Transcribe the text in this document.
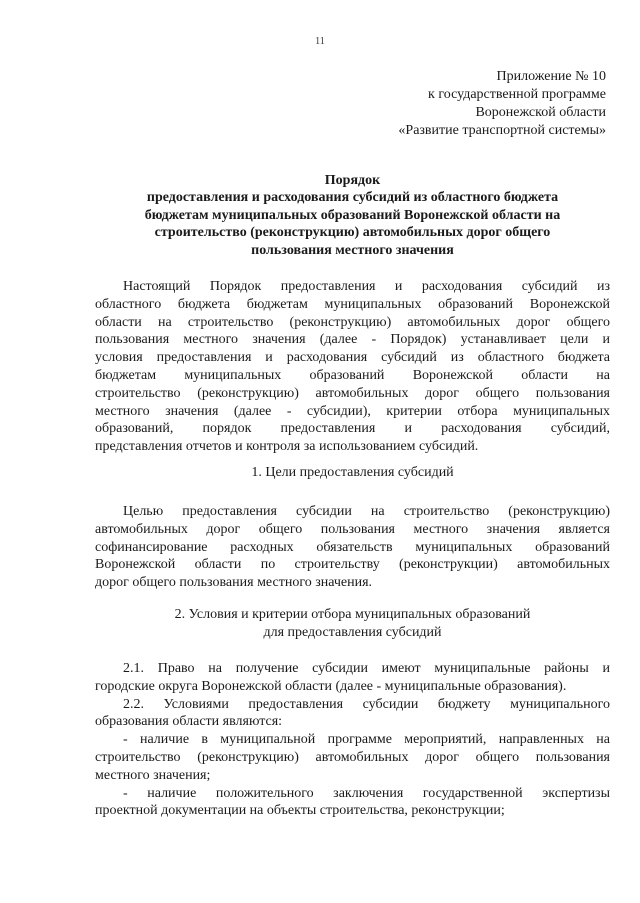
11
Приложение № 10
к государственной программе
Воронежской области
«Развитие транспортной системы»
Порядок
предоставления и расходования субсидий из областного бюджета
бюджетам муниципальных образований Воронежской области на
строительство (реконструкцию) автомобильных дорог общего
пользования местного значения
Настоящий Порядок предоставления и расходования субсидий из
областного бюджета бюджетам муниципальных образований Воронежской
области на строительство (реконструкцию) автомобильных дорог общего
пользования местного значения (далее - Порядок) устанавливает цели и
условия предоставления и расходования субсидий из областного бюджета
бюджетам муниципальных образований Воронежской области на
строительство (реконструкцию) автомобильных дорог общего пользования
местного значения (далее - субсидии), критерии отбора муниципальных
образований, порядок предоставления и расходования субсидий,
представления отчетов и контроля за использованием субсидий.
1. Цели предоставления субсидий
Целью предоставления субсидии на строительство (реконструкцию)
автомобильных дорог общего пользования местного значения является
софинансирование расходных обязательств муниципальных образований
Воронежской области по строительству (реконструкции) автомобильных
дорог общего пользования местного значения.
2. Условия и критерии отбора муниципальных образований
для предоставления субсидий
2.1. Право на получение субсидии имеют муниципальные районы и
городские округа Воронежской области (далее - муниципальные образования).
2.2. Условиями предоставления субсидии бюджету муниципального
образования области являются:
- наличие в муниципальной программе мероприятий, направленных на
строительство (реконструкцию) автомобильных дорог общего пользования
местного значения;
- наличие положительного заключения государственной экспертизы
проектной документации на объекты строительства, реконструкции;
